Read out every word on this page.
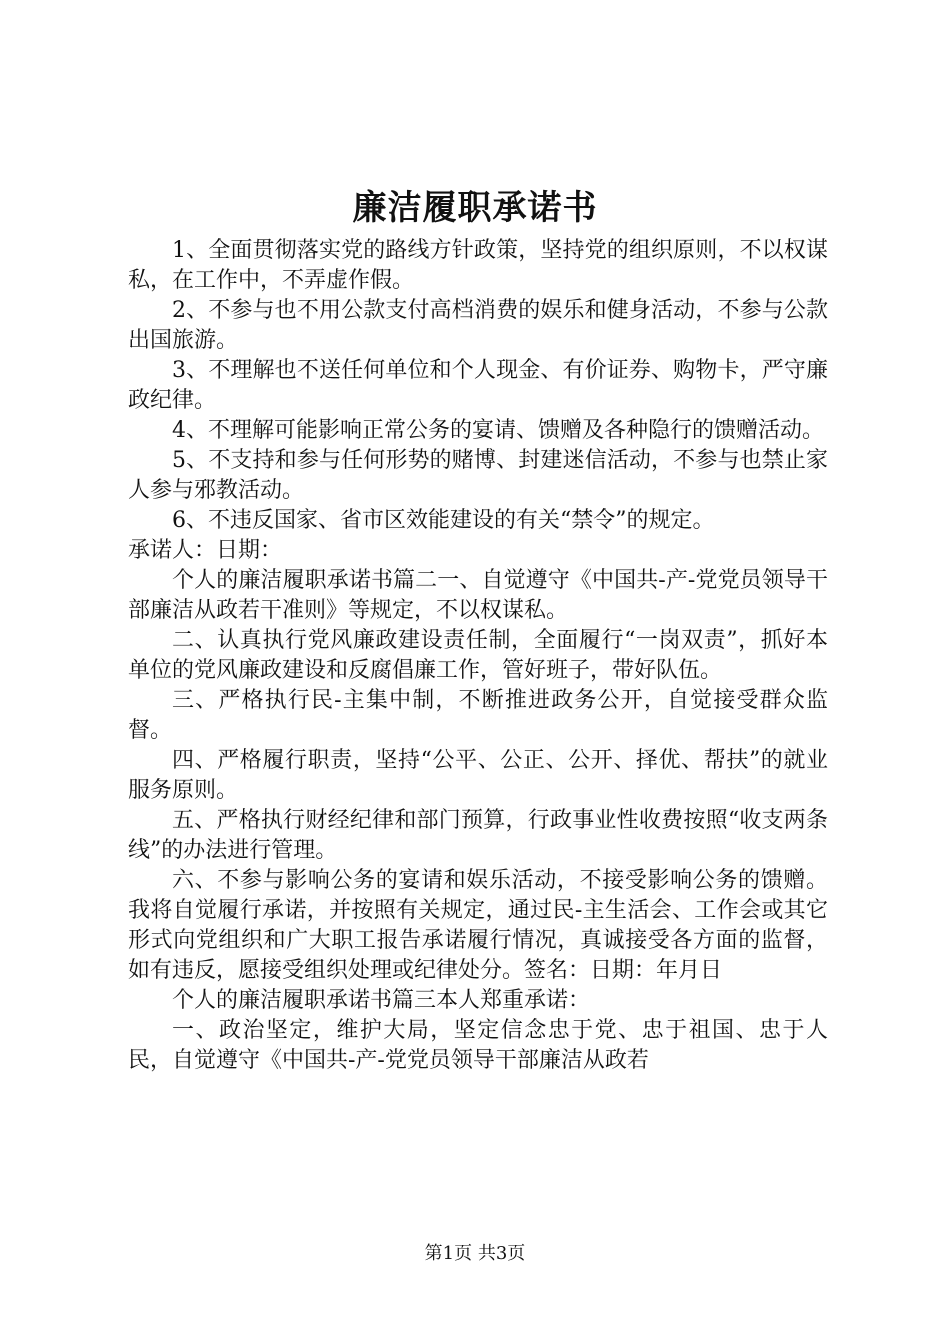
廉洁履职承诺书

1、全面贯彻落实党的路线方针政策，坚持党的组织原则，不以权谋私，在工作中，不弄虚作假。

2、不参与也不用公款支付高档消费的娱乐和健身活动，不参与公款出国旅游。

3、不理解也不送任何单位和个人现金、有价证券、购物卡，严守廉政纪律。

4、不理解可能影响正常公务的宴请、馈赠及各种隐行的馈赠活动。

5、不支持和参与任何形势的赌博、封建迷信活动，不参与也禁止家人参与邪教活动。

6、不违反国家、省市区效能建设的有关“禁令”的规定。

承诺人：日期：

个人的廉洁履职承诺书篇二一、自觉遵守《中国共-产-党党员领导干部廉洁从政若干准则》等规定，不以权谋私。

二、认真执行党风廉政建设责任制，全面履行“一岗双责”，抓好本单位的党风廉政建设和反腐倡廉工作，管好班子，带好队伍。

三、严格执行民-主集中制，不断推进政务公开，自觉接受群众监督。

四、严格履行职责，坚持“公平、公正、公开、择优、帮扶”的就业服务原则。

五、严格执行财经纪律和部门预算，行政事业性收费按照“收支两条线”的办法进行管理。

六、不参与影响公务的宴请和娱乐活动，不接受影响公务的馈赠。我将自觉履行承诺，并按照有关规定，通过民-主生活会、工作会或其它形式向党组织和广大职工报告承诺履行情况，真诚接受各方面的监督，如有违反，愿接受组织处理或纪律处分。签名：日期：年月日

个人的廉洁履职承诺书篇三本人郑重承诺：

一、政治坚定，维护大局，坚定信念忠于党、忠于祖国、忠于人民，自觉遵守《中国共-产-党党员领导干部廉洁从政若

第1页 共3页
